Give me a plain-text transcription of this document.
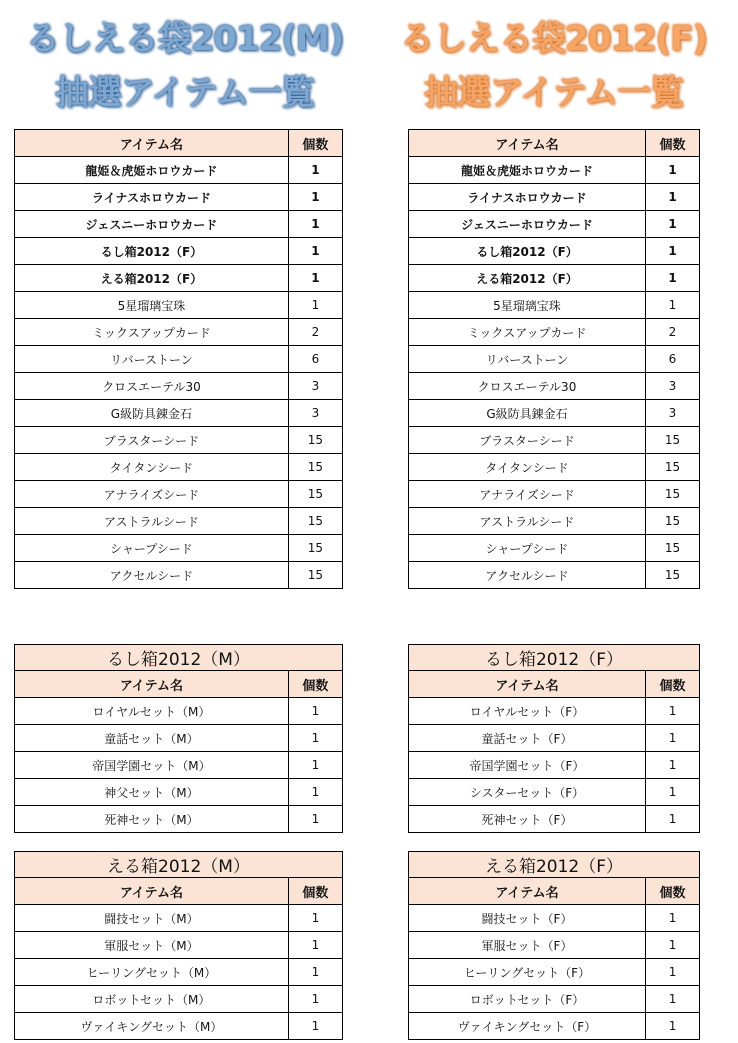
るしえる袋2012(M)
抽選アイテム一覧
るしえる袋2012(F)
抽選アイテム一覧
アイテム名	個数
龍姫＆虎姫ホロウカード	1
ライナスホロウカード	1
ジェスニーホロウカード	1
るし箱2012（F）	1
える箱2012（F）	1
5星瑠璃宝珠	1
ミックスアップカード	2
リバーストーン	6
クロスエーテル30	3
G級防具錬金石	3
ブラスターシード	15
タイタンシード	15
アナライズシード	15
アストラルシード	15
シャープシード	15
アクセルシード	15
アイテム名	個数
龍姫＆虎姫ホロウカード	1
ライナスホロウカード	1
ジェスニーホロウカード	1
るし箱2012（F）	1
える箱2012（F）	1
5星瑠璃宝珠	1
ミックスアップカード	2
リバーストーン	6
クロスエーテル30	3
G級防具錬金石	3
ブラスターシード	15
タイタンシード	15
アナライズシード	15
アストラルシード	15
シャープシード	15
アクセルシード	15
るし箱2012（M）	
アイテム名	個数
ロイヤルセット（M）	1
童話セット（M）	1
帝国学園セット（M）	1
神父セット（M）	1
死神セット（M）	1
るし箱2012（F）	
アイテム名	個数
ロイヤルセット（F）	1
童話セット（F）	1
帝国学園セット（F）	1
シスターセット（F）	1
死神セット（F）	1
える箱2012（M）	
アイテム名	個数
闘技セット（M）	1
軍服セット（M）	1
ヒーリングセット（M）	1
ロボットセット（M）	1
ヴァイキングセット（M）	1
える箱2012（F）	
アイテム名	個数
闘技セット（F）	1
軍服セット（F）	1
ヒーリングセット（F）	1
ロボットセット（F）	1
ヴァイキングセット（F）	1
